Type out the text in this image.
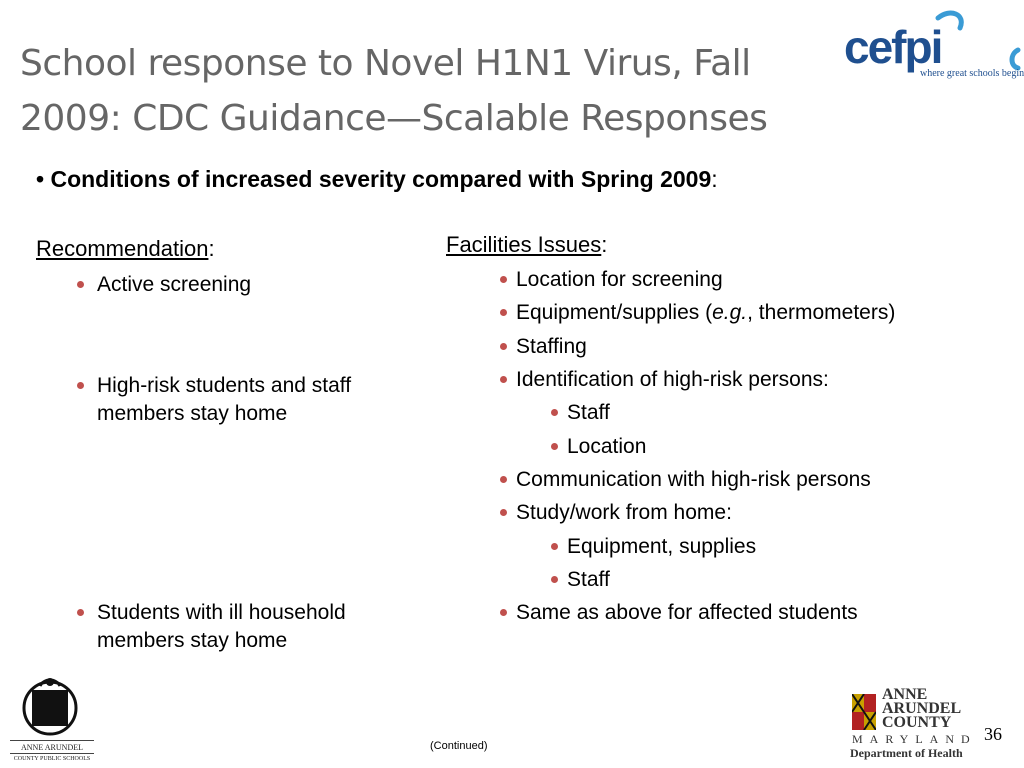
School response to Novel H1N1 Virus, Fall
2009: CDC Guidance—Scalable Responses
cefpi
where great schools begin
• Conditions of increased severity compared with Spring 2009:
Recommendation:
Active screening
High-risk students and staff
members stay home
Students with ill household
members stay home
Facilities Issues:
Location for screening
Equipment/supplies (e.g., thermometers)
Staffing
Identification of high-risk persons:
Staff
Location
Communication with high-risk persons
Study/work from home:
Equipment, supplies
Staff
Same as above for affected students
ANNE ARUNDEL
COUNTY PUBLIC SCHOOLS
(Continued)
ANNE
ARUNDEL
COUNTY
MARYLAND
Department of Health
36
